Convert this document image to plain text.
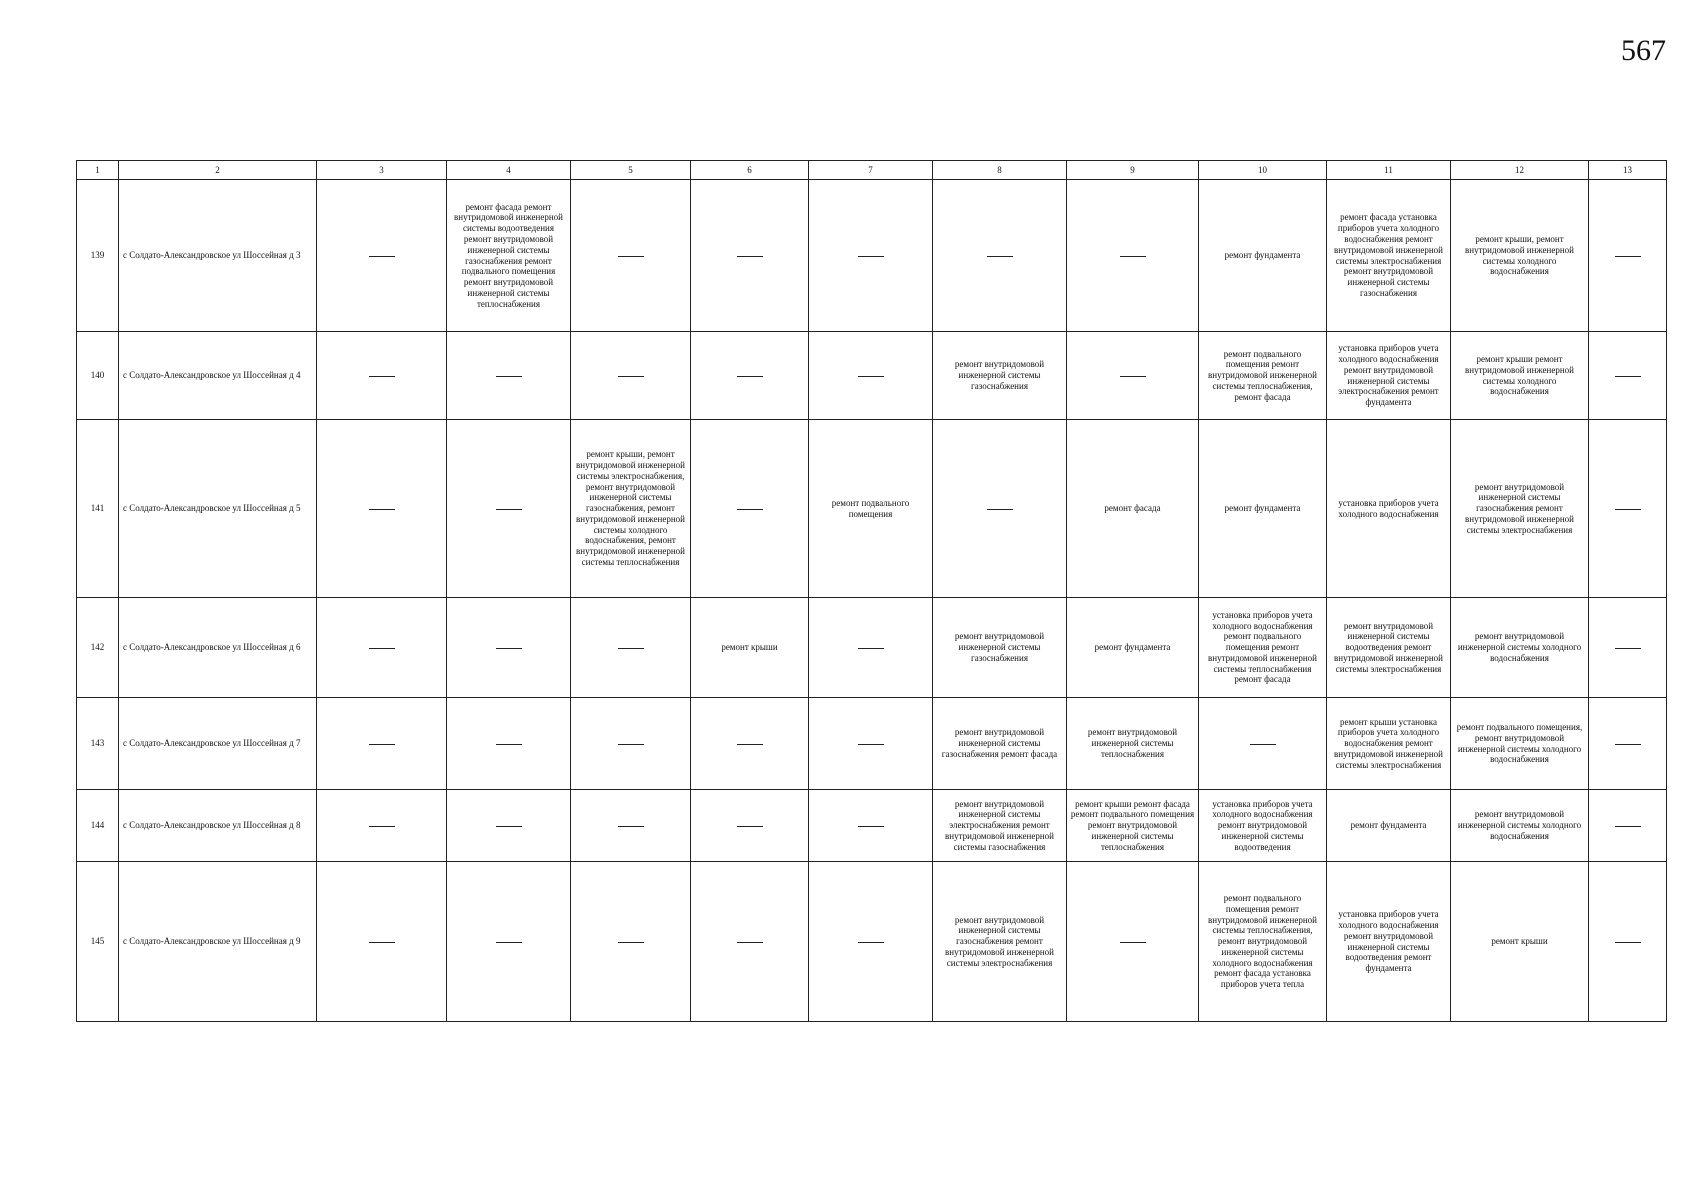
567
1	2	3	4	5	6	7	8	9	10	11	12	13
139	с Солдато-Александровское ул Шоссейная д 3		ремонт фасада ремонт внутридомовой инженерной системы водоотведения ремонт внутридомовой инженерной системы газоснабжения ремонт подвального помещения ремонт внутридомовой инженерной системы теплоснабжения						ремонт фундамента	ремонт фасада установка приборов учета холодного водоснабжения ремонт внутридомовой инженерной системы электроснабжения ремонт внутридомовой инженерной системы газоснабжения	ремонт крыши, ремонт внутридомовой инженерной системы холодного водоснабжения	
140	с Солдато-Александровское ул Шоссейная д 4						ремонт внутридомовой инженерной системы газоснабжения		ремонт подвального помещения ремонт внутридомовой инженерной системы теплоснабжения, ремонт фасада	установка приборов учета холодного водоснабжения ремонт внутридомовой инженерной системы электроснабжения ремонт фундамента	ремонт крыши ремонт внутридомовой инженерной системы холодного водоснабжения	
141	с Солдато-Александровское ул Шоссейная д 5			ремонт крыши, ремонт внутридомовой инженерной системы электроснабжения, ремонт внутридомовой инженерной системы газоснабжения, ремонт внутридомовой инженерной системы холодного водоснабжения, ремонт внутридомовой инженерной системы теплоснабжения		ремонт подвального помещения		ремонт фасада	ремонт фундамента	установка приборов учета холодного водоснабжения	ремонт внутридомовой инженерной системы газоснабжения ремонт внутридомовой инженерной системы электроснабжения	
142	с Солдато-Александровское ул Шоссейная д 6				ремонт крыши		ремонт внутридомовой инженерной системы газоснабжения	ремонт фундамента	установка приборов учета холодного водоснабжения ремонт подвального помещения ремонт внутридомовой инженерной системы теплоснабжения ремонт фасада	ремонт внутридомовой инженерной системы водоотведения ремонт внутридомовой инженерной системы электроснабжения	ремонт внутридомовой инженерной системы холодного водоснабжения	
143	с Солдато-Александровское ул Шоссейная д 7						ремонт внутридомовой инженерной системы газоснабжения ремонт фасада	ремонт внутридомовой инженерной системы теплоснабжения		ремонт крыши установка приборов учета холодного водоснабжения ремонт внутридомовой инженерной системы электроснабжения	ремонт подвального помещения, ремонт внутридомовой инженерной системы холодного водоснабжения	
144	с Солдато-Александровское ул Шоссейная д 8						ремонт внутридомовой инженерной системы электроснабжения ремонт внутридомовой инженерной системы газоснабжения	ремонт крыши ремонт фасада ремонт подвального помещения ремонт внутридомовой инженерной системы теплоснабжения	установка приборов учета холодного водоснабжения ремонт внутридомовой инженерной системы водоотведения	ремонт фундамента	ремонт внутридомовой инженерной системы холодного водоснабжения	
145	с Солдато-Александровское ул Шоссейная д 9						ремонт внутридомовой инженерной системы газоснабжения ремонт внутридомовой инженерной системы электроснабжения		ремонт подвального помещения ремонт внутридомовой инженерной системы теплоснабжения, ремонт внутридомовой инженерной системы холодного водоснабжения ремонт фасада установка приборов учета тепла	установка приборов учета холодного водоснабжения ремонт внутридомовой инженерной системы водоотведения ремонт фундамента	ремонт крыши	
